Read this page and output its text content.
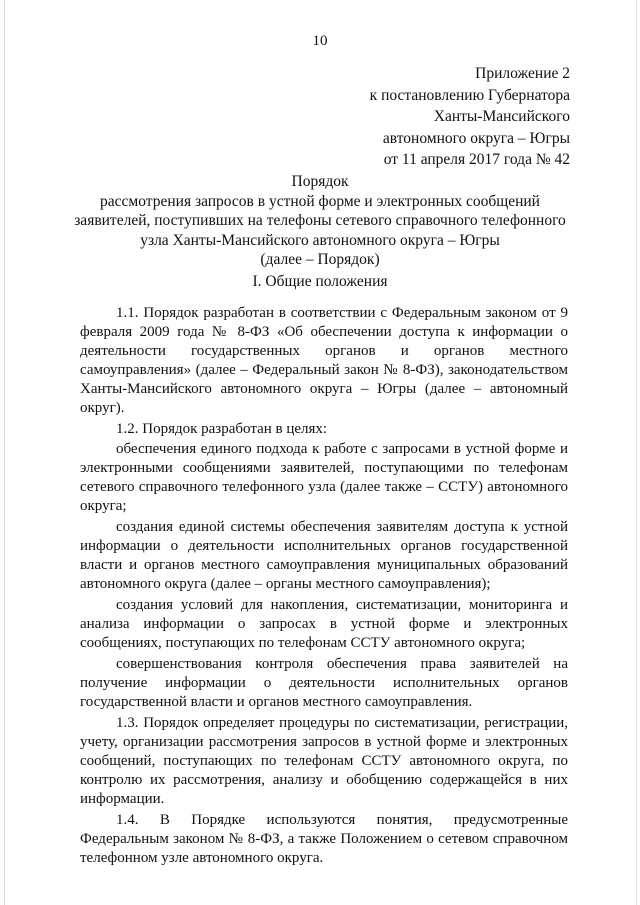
10
Приложение 2
к постановлению Губернатора
Ханты-Мансийского
автономного округа – Югры
от 11 апреля 2017 года № 42
Порядок
рассмотрения запросов в устной форме и электронных сообщений
заявителей, поступивших на телефоны сетевого справочного телефонного
узла Ханты-Мансийского автономного округа – Югры
(далее – Порядок)
I. Общие положения

1.1. Порядок разработан в соответствии с Федеральным законом от 9 февраля 2009 года № 8-ФЗ «Об обеспечении доступа к информации о деятельности государственных органов и органов местного самоуправления» (далее – Федеральный закон № 8-ФЗ), законодательством Ханты-Мансийского автономного округа – Югры (далее – автономный округ).

1.2. Порядок разработан в целях:

обеспечения единого подхода к работе с запросами в устной форме и электронными сообщениями заявителей, поступающими по телефонам сетевого справочного телефонного узла (далее также – ССТУ) автономного округа;

создания единой системы обеспечения заявителям доступа к устной информации о деятельности исполнительных органов государственной власти и органов местного самоуправления муниципальных образований автономного округа (далее – органы местного самоуправления);

создания условий для накопления, систематизации, мониторинга и анализа информации о запросах в устной форме и электронных сообщениях, поступающих по телефонам ССТУ автономного округа;

совершенствования контроля обеспечения права заявителей на получение информации о деятельности исполнительных органов государственной власти и органов местного самоуправления.

1.3. Порядок определяет процедуры по систематизации, регистрации, учету, организации рассмотрения запросов в устной форме и электронных сообщений, поступающих по телефонам ССТУ автономного округа, по контролю их рассмотрения, анализу и обобщению содержащейся в них информации.

1.4. В Порядке используются понятия, предусмотренные Федеральным законом № 8-ФЗ, а также Положением о сетевом справочном телефонном узле автономного округа.
